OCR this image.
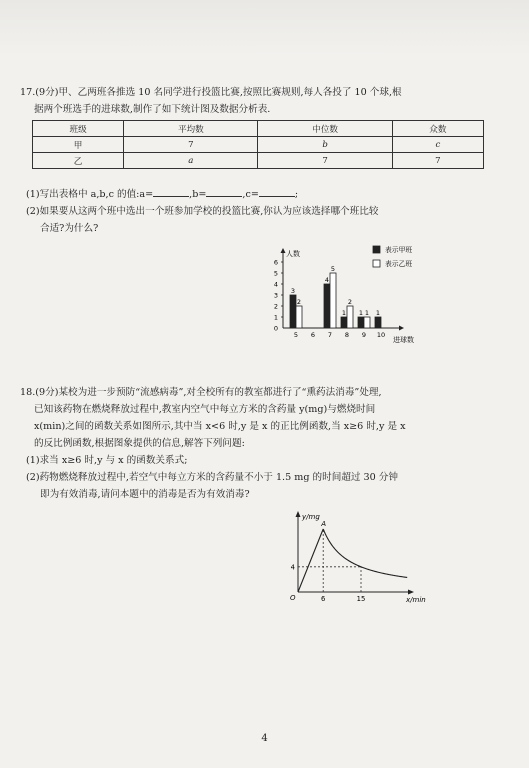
17.(9分)甲、乙两班各推选 10 名同学进行投篮比赛,按照比赛规则,每人各投了 10 个球,根

据两个班选手的进球数,制作了如下统计图及数据分析表.

班级	平均数	中位数	众数
甲	7	b	c
乙	a	7	7

(1)写出表格中 a,b,c 的值:a=	,b=	,c=	;

(2)如果要从这两个班中选出一个班参加学校的投篮比赛,你认为应该选择哪个班比较

合适?为什么?

人数
进球数
0
1
2
3
4
5
6
5
3
2
6 7
4
5
8
1
2
9
1 1
10
1
表示甲班
表示乙班

18.(9分)某校为进一步预防“流感病毒”,对全校所有的教室都进行了“熏药法消毒”处理,

已知该药物在燃烧释放过程中,教室内空气中每立方米的含药量 y(mg)与燃烧时间

x(min)之间的函数关系如图所示,其中当 x<6 时,y 是 x 的正比例函数,当 x≥6 时,y 是 x

的反比例函数,根据图象提供的信息,解答下列问题:

(1)求当 x≥6 时,y 与 x 的函数关系式;

(2)药物燃烧释放过程中,若空气中每立方米的含药量不小于 1.5 mg 的时间超过 30 分钟

即为有效消毒,请问本题中的消毒是否为有效消毒?

y/mg
x/min
O
A
6	15
4
4
